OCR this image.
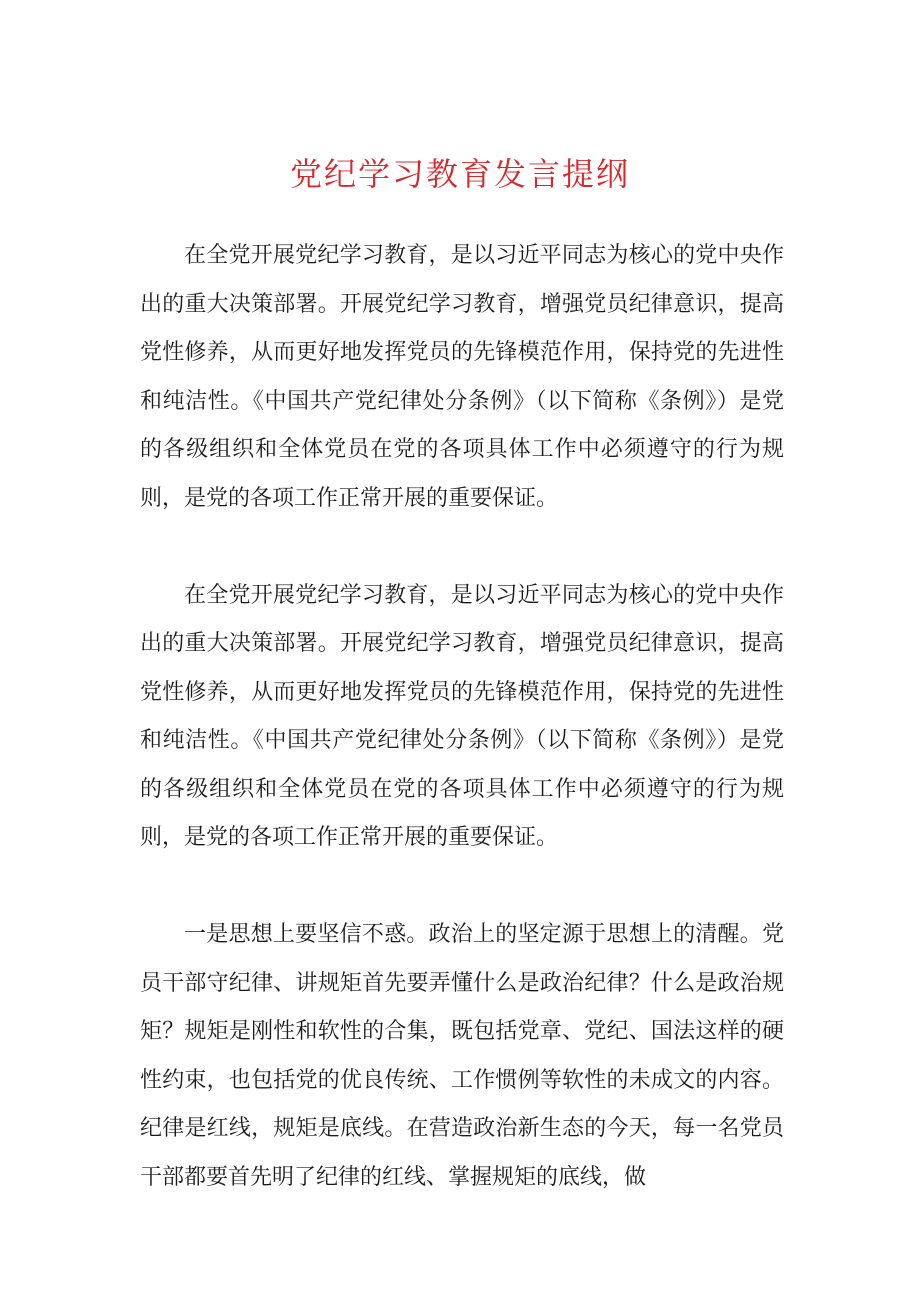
党纪学习教育发言提纲

在全党开展党纪学习教育，是以习近平同志为核心的党中央作出的重大决策部署。开展党纪学习教育，增强党员纪律意识，提高党性修养，从而更好地发挥党员的先锋模范作用，保持党的先进性和纯洁性。《中国共产党纪律处分条例》（以下简称《条例》）是党的各级组织和全体党员在党的各项具体工作中必须遵守的行为规则，是党的各项工作正常开展的重要保证。

在全党开展党纪学习教育，是以习近平同志为核心的党中央作出的重大决策部署。开展党纪学习教育，增强党员纪律意识，提高党性修养，从而更好地发挥党员的先锋模范作用，保持党的先进性和纯洁性。《中国共产党纪律处分条例》（以下简称《条例》）是党的各级组织和全体党员在党的各项具体工作中必须遵守的行为规则，是党的各项工作正常开展的重要保证。

一是思想上要坚信不惑。政治上的坚定源于思想上的清醒。党员干部守纪律、讲规矩首先要弄懂什么是政治纪律？什么是政治规矩？规矩是刚性和软性的合集，既包括党章、党纪、国法这样的硬性约束，也包括党的优良传统、工作惯例等软性的未成文的内容。纪律是红线，规矩是底线。在营造政治新生态的今天，每一名党员干部都要首先明了纪律的红线、掌握规矩的底线，做
